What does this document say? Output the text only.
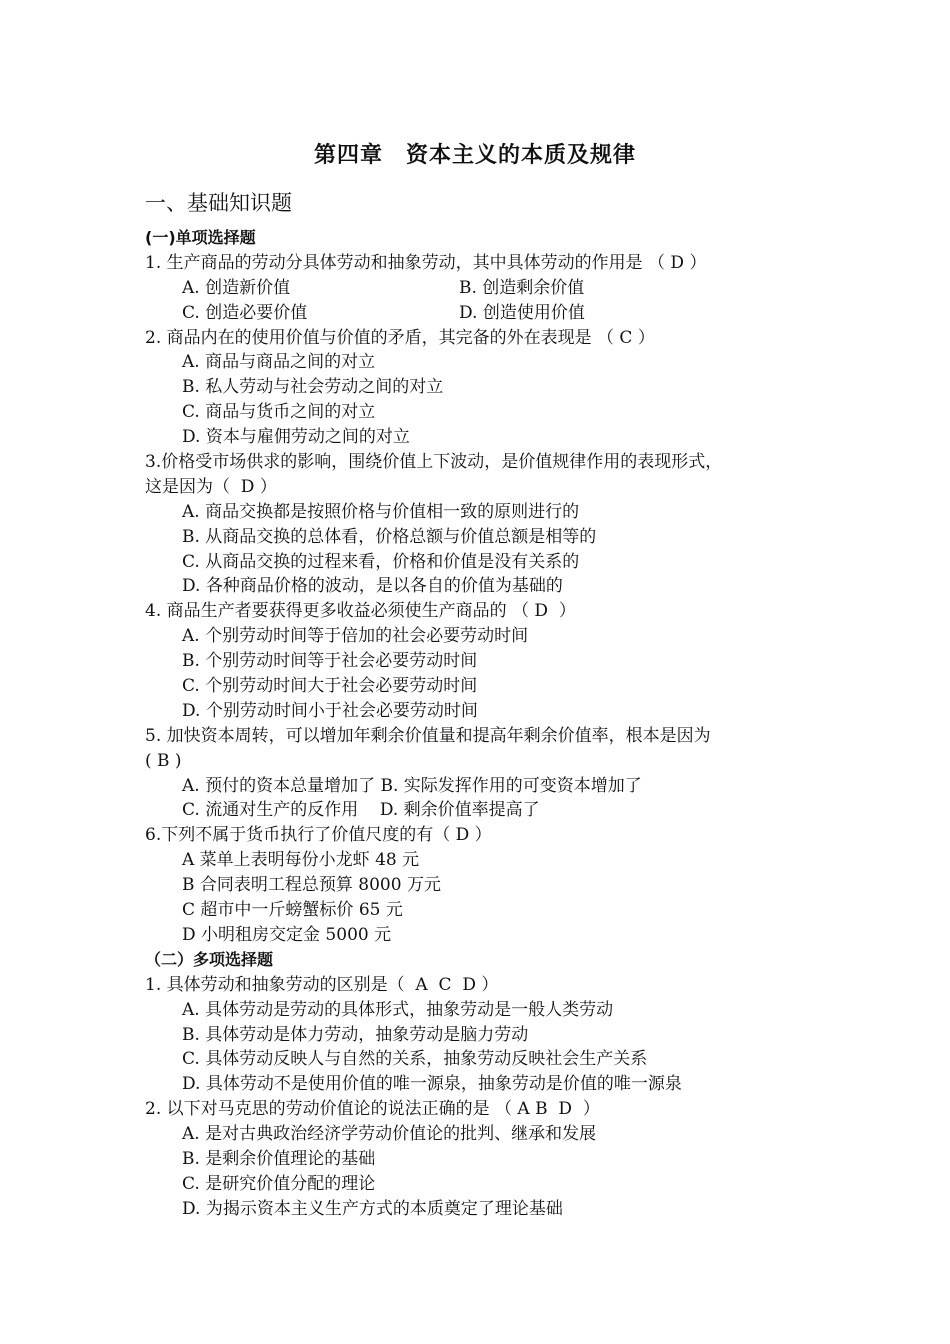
第四章　资本主义的本质及规律
一、基础知识题
(一)单项选择题
1. 生产商品的劳动分具体劳动和抽象劳动，其中具体劳动的作用是 （ D ）
A. 创造新价值	B. 创造剩余价值
C. 创造必要价值	D. 创造使用价值
2. 商品内在的使用价值与价值的矛盾，其完备的外在表现是 （ C ）
A. 商品与商品之间的对立
B. 私人劳动与社会劳动之间的对立
C. 商品与货币之间的对立
D. 资本与雇佣劳动之间的对立
3.价格受市场供求的影响，围绕价值上下波动，是价值规律作用的表现形式，
这是因为（  D ）
A. 商品交换都是按照价格与价值相一致的原则进行的
B. 从商品交换的总体看，价格总额与价值总额是相等的
C. 从商品交换的过程来看，价格和价值是没有关系的
D. 各种商品价格的波动，是以各自的价值为基础的
4. 商品生产者要获得更多收益必须使生产商品的 （ D  ）
A. 个别劳动时间等于倍加的社会必要劳动时间
B. 个别劳动时间等于社会必要劳动时间
C. 个别劳动时间大于社会必要劳动时间
D. 个别劳动时间小于社会必要劳动时间
5. 加快资本周转，可以增加年剩余价值量和提高年剩余价值率，根本是因为
( B )
A. 预付的资本总量增加了 B. 实际发挥作用的可变资本增加了
C. 流通对生产的反作用    D. 剩余价值率提高了
6.下列不属于货币执行了价值尺度的有（ D ）
A 菜单上表明每份小龙虾 48 元
B 合同表明工程总预算 8000 万元
C 超市中一斤螃蟹标价 65 元
D 小明租房交定金 5000 元
（二）多项选择题
1. 具体劳动和抽象劳动的区别是（  A  C  D ）
A. 具体劳动是劳动的具体形式，抽象劳动是一般人类劳动
B. 具体劳动是体力劳动，抽象劳动是脑力劳动
C. 具体劳动反映人与自然的关系，抽象劳动反映社会生产关系
D. 具体劳动不是使用价值的唯一源泉，抽象劳动是价值的唯一源泉
2. 以下对马克思的劳动价值论的说法正确的是 （ A B  D  ）
A. 是对古典政治经济学劳动价值论的批判、继承和发展
B. 是剩余价值理论的基础
C. 是研究价值分配的理论
D. 为揭示资本主义生产方式的本质奠定了理论基础
